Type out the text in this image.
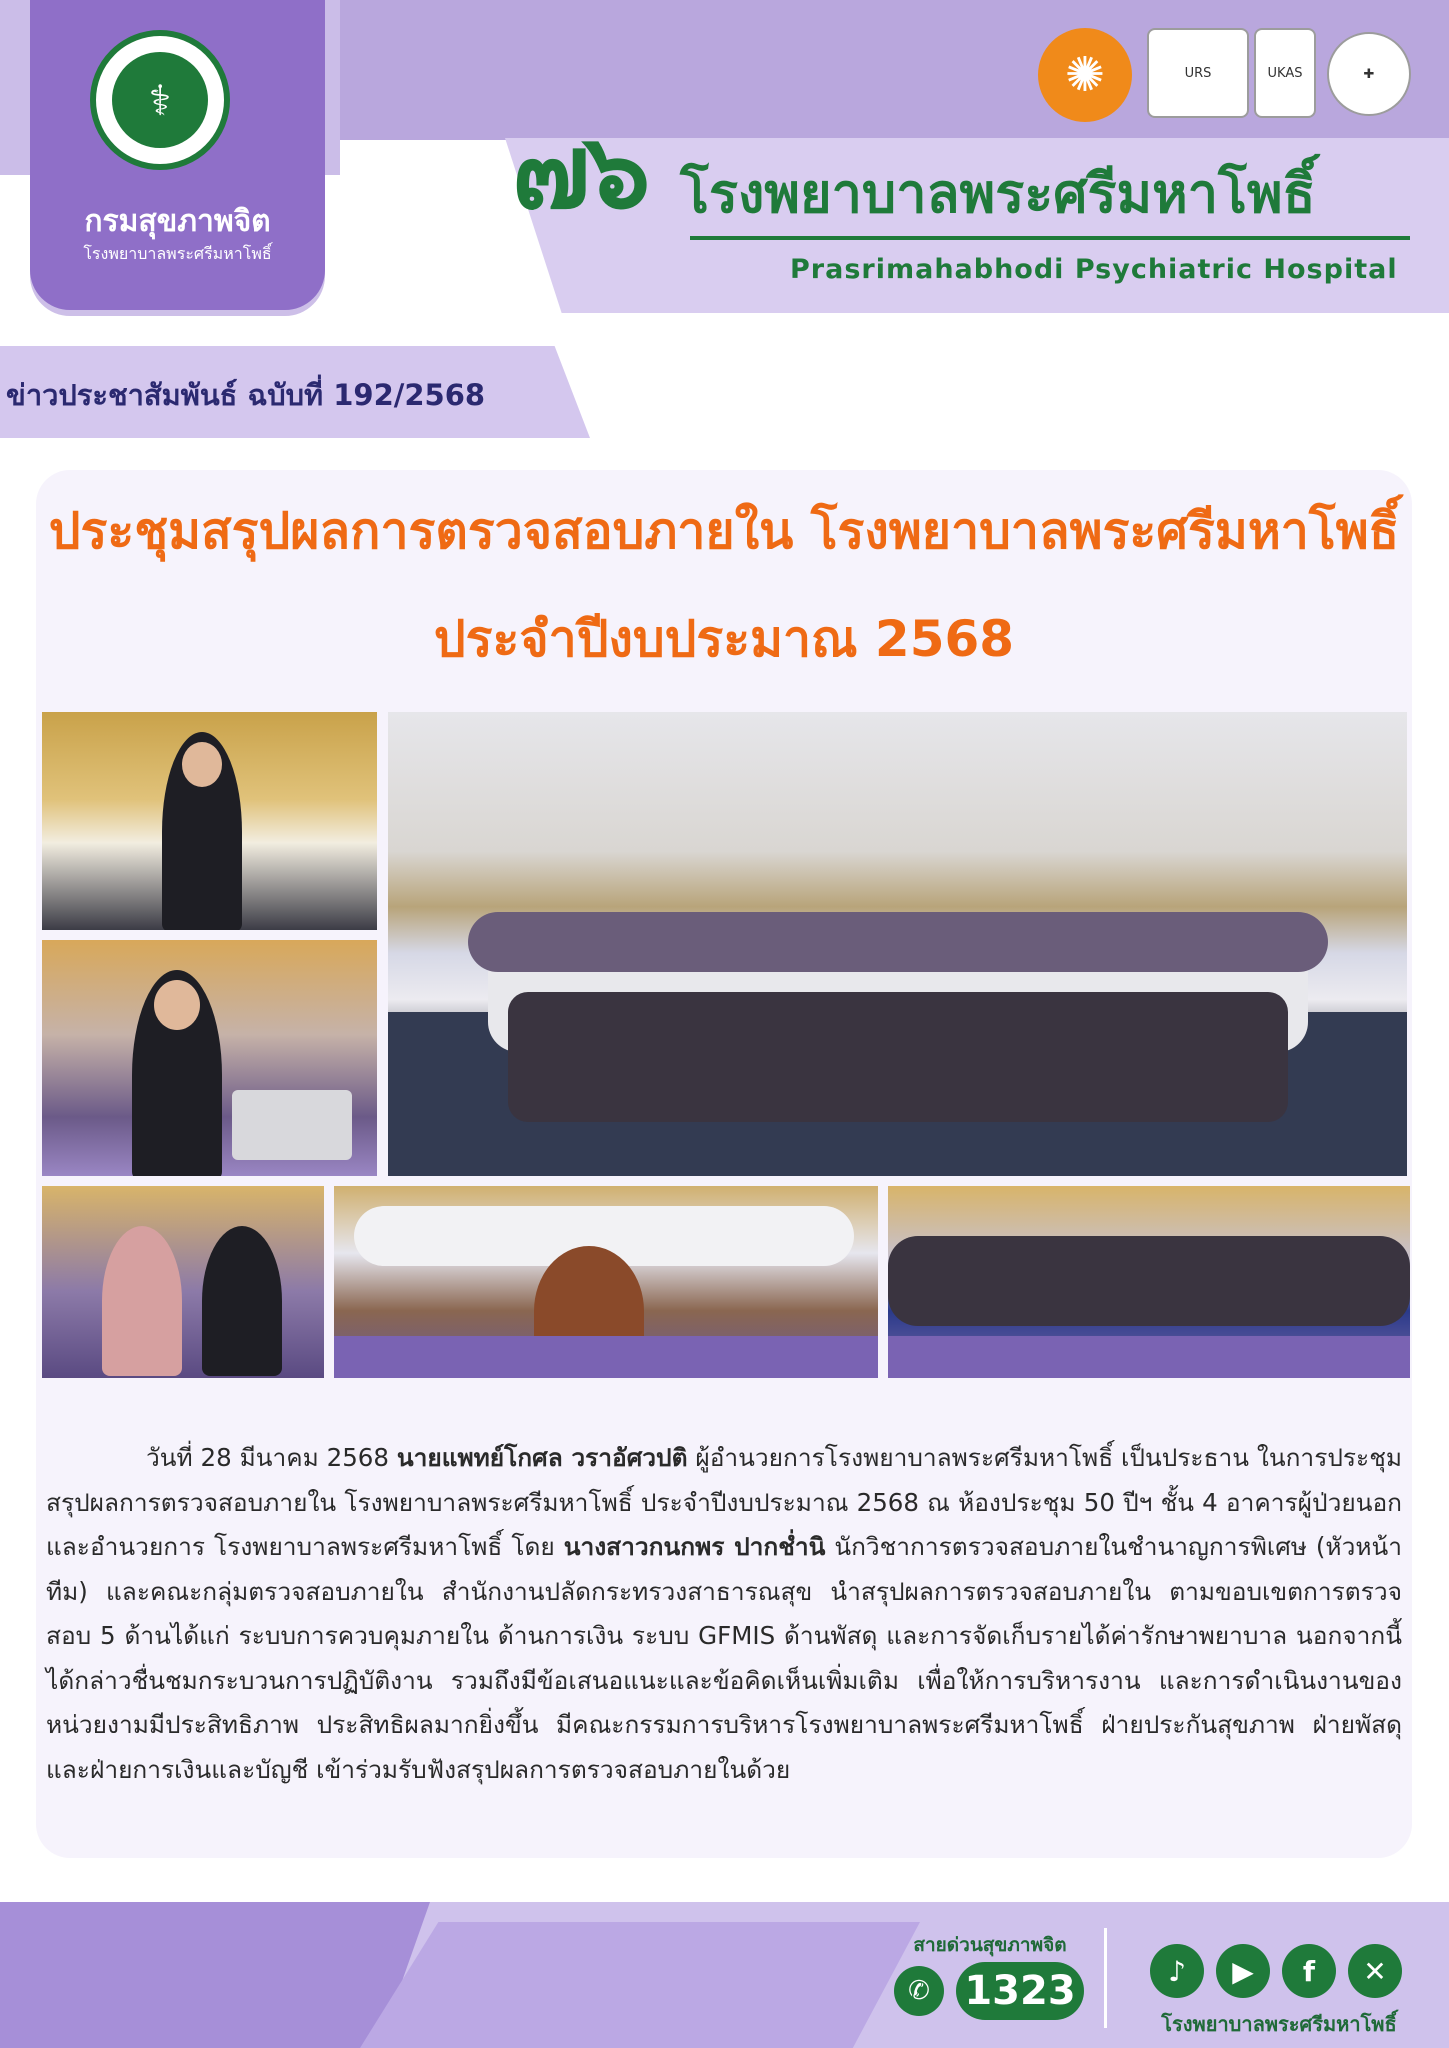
⚕
กรมสุขภาพจิต
โรงพยาบาลพระศรีมหาโพธิ์
✺	URS	UKAS	✚
๗๖ โรงพยาบาลพระศรีมหาโพธิ์
Prasrimahabhodi Psychiatric Hospital
ข่าวประชาสัมพันธ์ ฉบับที่ 192/2568
ประชุมสรุปผลการตรวจสอบภายใน โรงพยาบาลพระศรีมหาโพธิ์
ประจำปีงบประมาณ 2568

วันที่ 28 มีนาคม 2568 นายแพทย์โกศล วราอัศวปติ ผู้อำนวยการโรงพยาบาลพระศรีมหาโพธิ์ เป็นประธาน ในการประชุมสรุปผลการตรวจสอบภายใน โรงพยาบาลพระศรีมหาโพธิ์ ประจำปีงบประมาณ 2568 ณ ห้องประชุม 50 ปีฯ ชั้น 4 อาคารผู้ป่วยนอกและอำนวยการ โรงพยาบาลพระศรีมหาโพธิ์ โดย นางสาวกนกพร ปากช่ำนิ นักวิชาการตรวจสอบภายในชำนาญการพิเศษ (หัวหน้าทีม) และคณะกลุ่มตรวจสอบภายใน สำนักงานปลัดกระทรวงสาธารณสุข นำสรุปผลการตรวจสอบภายใน ตามขอบเขตการตรวจสอบ 5 ด้านได้แก่ ระบบการควบคุมภายใน ด้านการเงิน ระบบ GFMIS ด้านพัสดุ และการจัดเก็บรายได้ค่ารักษาพยาบาล นอกจากนี้ได้กล่าวชื่นชมกระบวนการปฏิบัติงาน รวมถึงมีข้อเสนอแนะและข้อคิดเห็นเพิ่มเติม เพื่อให้การบริหารงาน และการดำเนินงานของหน่วยงามมีประสิทธิภาพ ประสิทธิผลมากยิ่งขึ้น มีคณะกรรมการบริหารโรงพยาบาลพระศรีมหาโพธิ์ ฝ่ายประกันสุขภาพ ฝ่ายพัสดุ และฝ่ายการเงินและบัญชี เข้าร่วมรับฟังสรุปผลการตรวจสอบภายในด้วย

สายด่วนสุขภาพจิต
✆ 1323	♪	▶	f	✕
โรงพยาบาลพระศรีมหาโพธิ์
